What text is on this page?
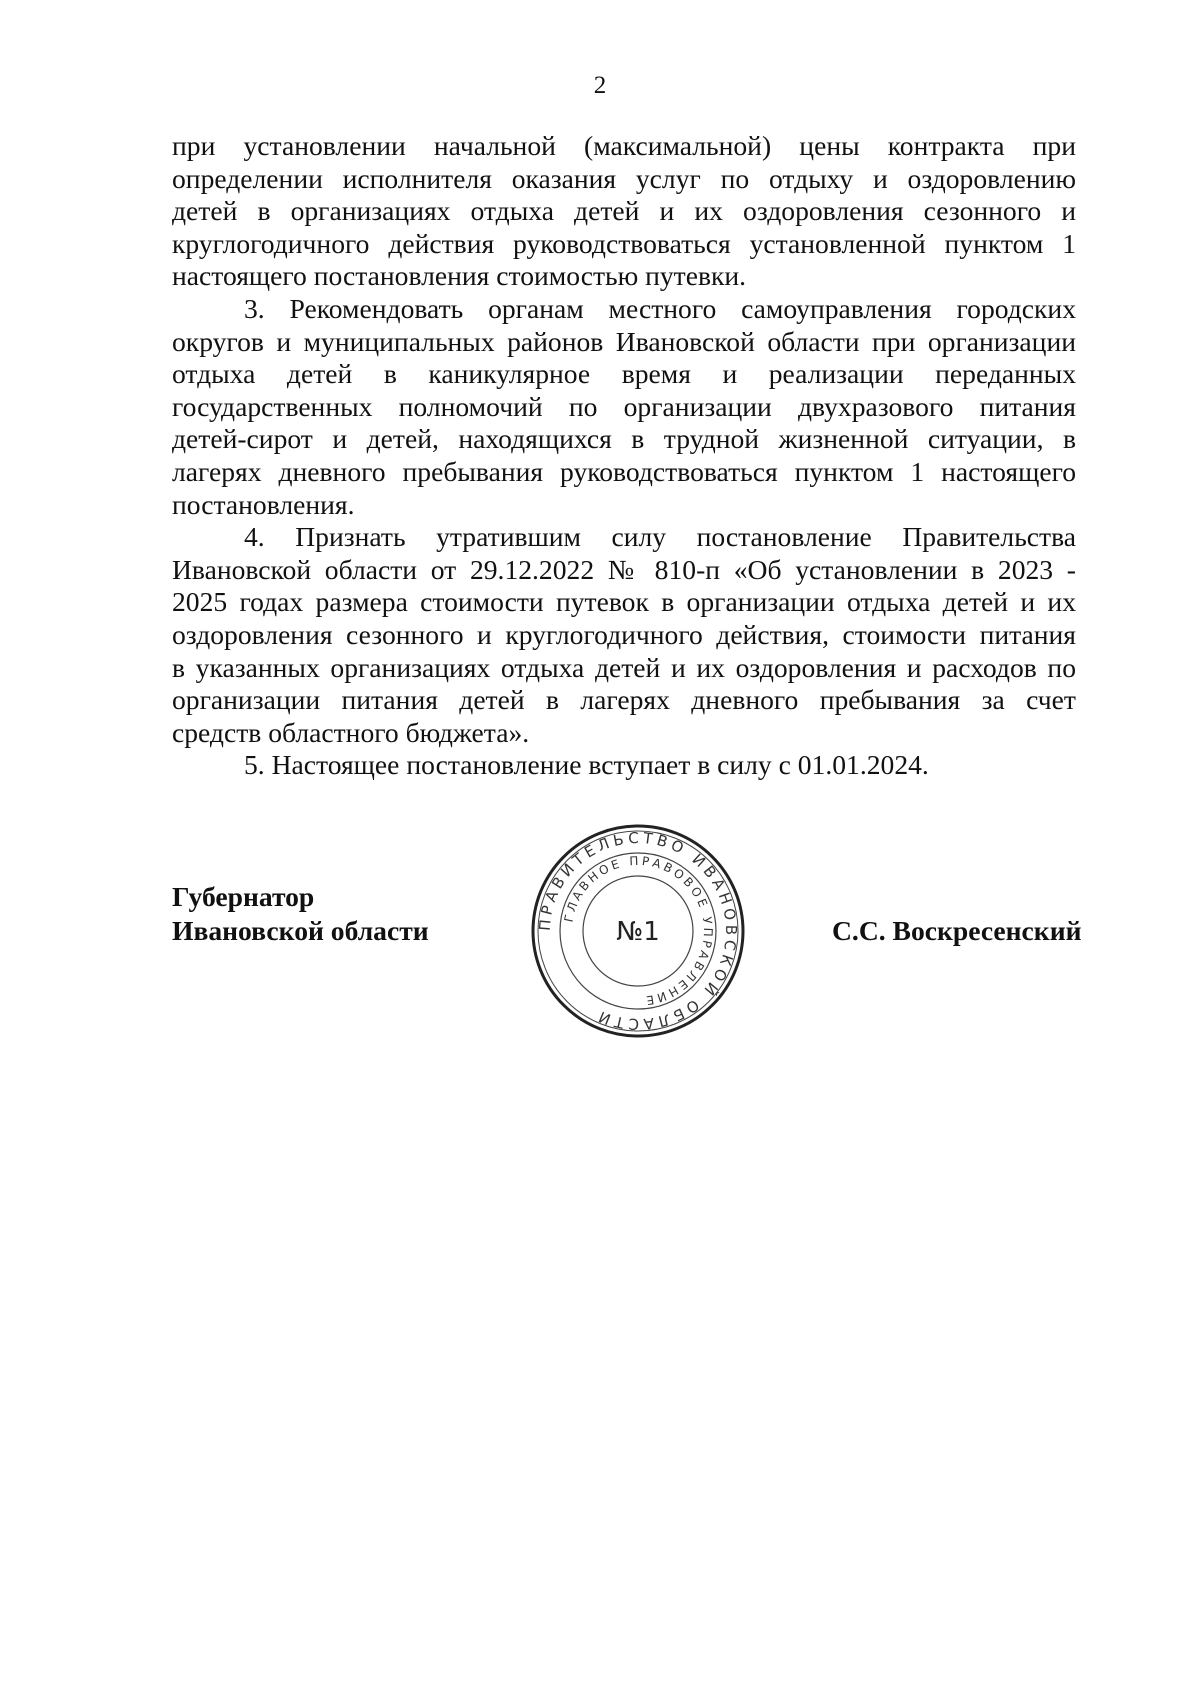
2

при установлении начальной (максимальной) цены контракта при
определении исполнителя оказания услуг по отдыху и оздоровлению
детей в организациях отдыха детей и их оздоровления сезонного и
круглогодичного действия руководствоваться установленной пунктом 1
настоящего постановления стоимостью путевки.

3. Рекомендовать органам местного самоуправления городских
округов и муниципальных районов Ивановской области при организации
отдыха детей в каникулярное время и реализации переданных
государственных полномочий по организации двухразового питания
детей-сирот и детей, находящихся в трудной жизненной ситуации, в
лагерях дневного пребывания руководствоваться пунктом 1 настоящего
постановления.

4. Признать утратившим силу постановление Правительства
Ивановской области от 29.12.2022 № 810-п «Об установлении в 2023 -
2025 годах размера стоимости путевок в организации отдыха детей и их
оздоровления сезонного и круглогодичного действия, стоимости питания
в указанных организациях отдыха детей и их оздоровления и расходов по
организации питания детей в лагерях дневного пребывания за счет
средств областного бюджета».

5. Настоящее постановление вступает в силу с 01.01.2024.

Губернатор
Ивановской области	ПРАВИТЕЛЬСТВО ИВАНОВСКОЙ ОБЛАСТИ
ГЛАВНОЕ ПРАВОВОЕ УПРАВЛЕНИЕ
№1	С.С. Воскресенский
